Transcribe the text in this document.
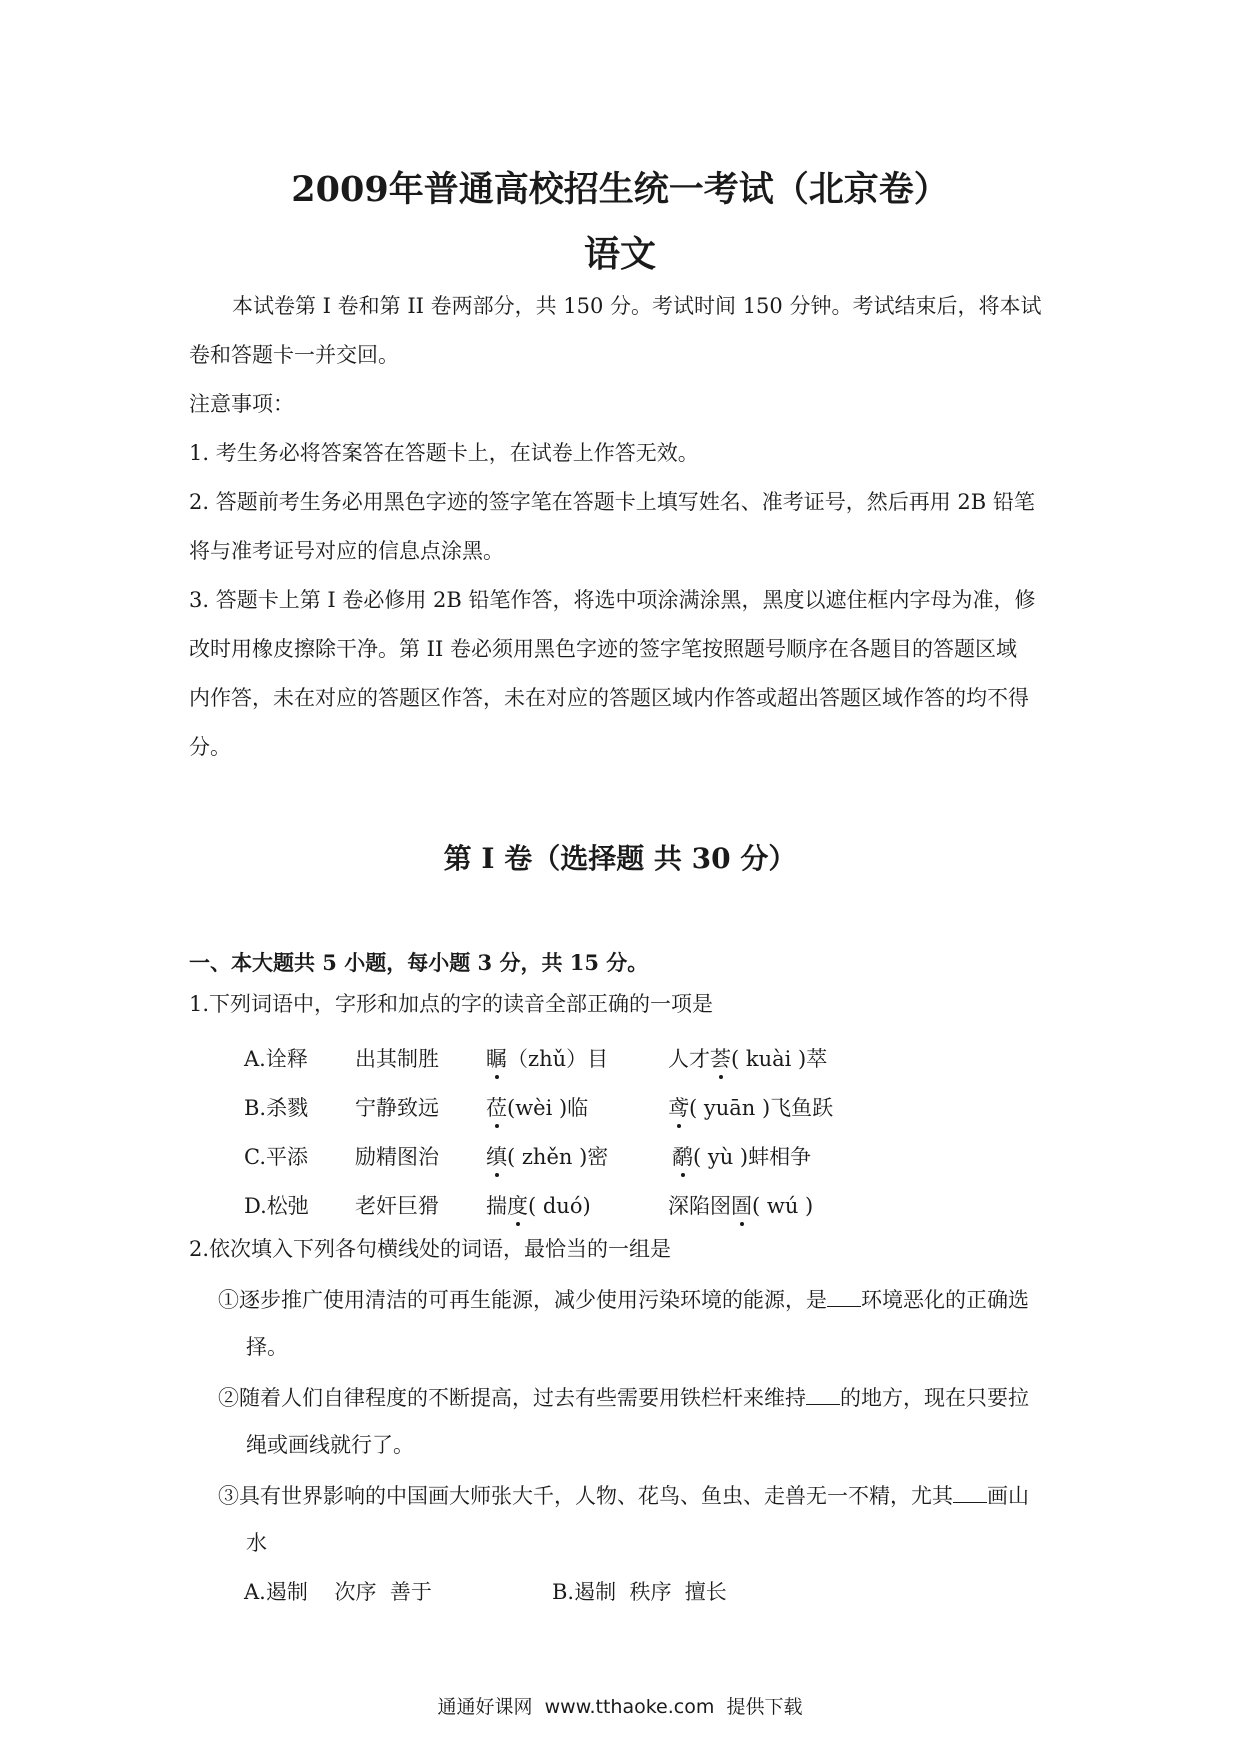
2009年普通高校招生统一考试（北京卷）
语文
本试卷第 I 卷和第 II 卷两部分，共 150 分。考试时间 150 分钟。考试结束后，将本试
卷和答题卡一并交回。
注意事项：
1. 考生务必将答案答在答题卡上，在试卷上作答无效。
2. 答题前考生务必用黑色字迹的签字笔在答题卡上填写姓名、准考证号，然后再用 2B 铅笔
将与准考证号对应的信息点涂黑。
3. 答题卡上第 I 卷必修用 2B 铅笔作答，将选中项涂满涂黑，黑度以遮住框内字母为准，修
改时用橡皮擦除干净。第 II 卷必须用黑色字迹的签字笔按照题号顺序在各题目的答题区域
内作答，未在对应的答题区作答，未在对应的答题区域内作答或超出答题区域作答的均不得
分。
第 I 卷（选择题 共 30 分）
一、本大题共 5 小题，每小题 3 分，共 15 分。
1.下列词语中，字形和加点的字的读音全部正确的一项是
A.诠释 出其制胜 瞩（zhǔ）目	人才荟( kuài )萃
B.杀戮 宁静致远 莅(wèi )临	鸢( yuān )飞鱼跃
C.平添 励精图治 缜( zhěn )密	鹬( yù )蚌相争
D.松弛 老奸巨猾 揣度( duó)	深陷囹圄( wú )
2.依次填入下列各句横线处的词语，最恰当的一组是
①逐步推广使用清洁的可再生能源，减少使用污染环境的能源，是 环境恶化的正确选
择。
②随着人们自律程度的不断提高，过去有些需要用铁栏杆来维持 的地方，现在只要拉
绳或画线就行了。
③具有世界影响的中国画大师张大千，人物、花鸟、鱼虫、走兽无一不精，尤其 画山
水
A.遏制    次序  善于	B.遏制  秩序  擅长
通通好课网  www.tthaoke.com  提供下载
